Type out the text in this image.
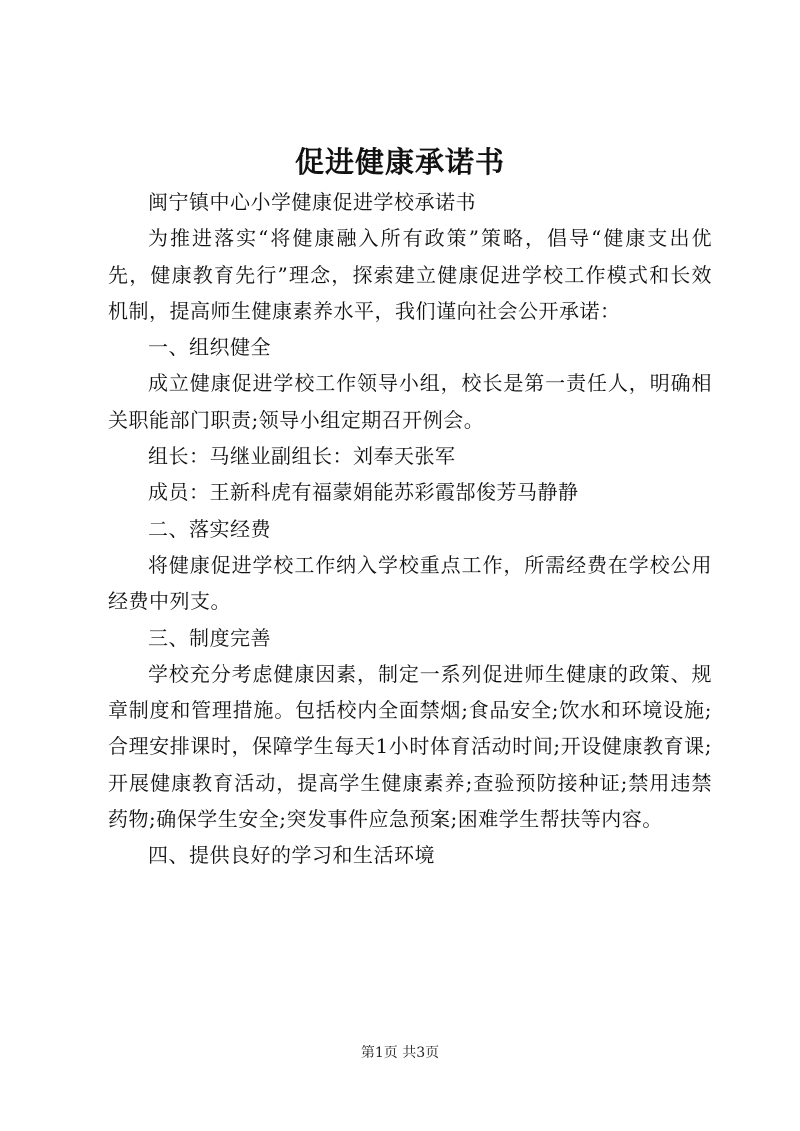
促进健康承诺书

闽宁镇中心小学健康促进学校承诺书

为推进落实“将健康融入所有政策”策略，倡导“健康支出优先，健康教育先行”理念，探索建立健康促进学校工作模式和长效机制，提高师生健康素养水平，我们谨向社会公开承诺：

一、组织健全

成立健康促进学校工作领导小组，校长是第一责任人，明确相关职能部门职责;领导小组定期召开例会。

组长：马继业副组长：刘奉天张军

成员：王新科虎有福蒙娟能苏彩霞郜俊芳马静静

二、落实经费

将健康促进学校工作纳入学校重点工作，所需经费在学校公用经费中列支。

三、制度完善

学校充分考虑健康因素，制定一系列促进师生健康的政策、规章制度和管理措施。包括校内全面禁烟;食品安全;饮水和环境设施;合理安排课时，保障学生每天1小时体育活动时间;开设健康教育课;开展健康教育活动，提高学生健康素养;查验预防接种证;禁用违禁药物;确保学生安全;突发事件应急预案;困难学生帮扶等内容。

四、提供良好的学习和生活环境

第1页 共3页
